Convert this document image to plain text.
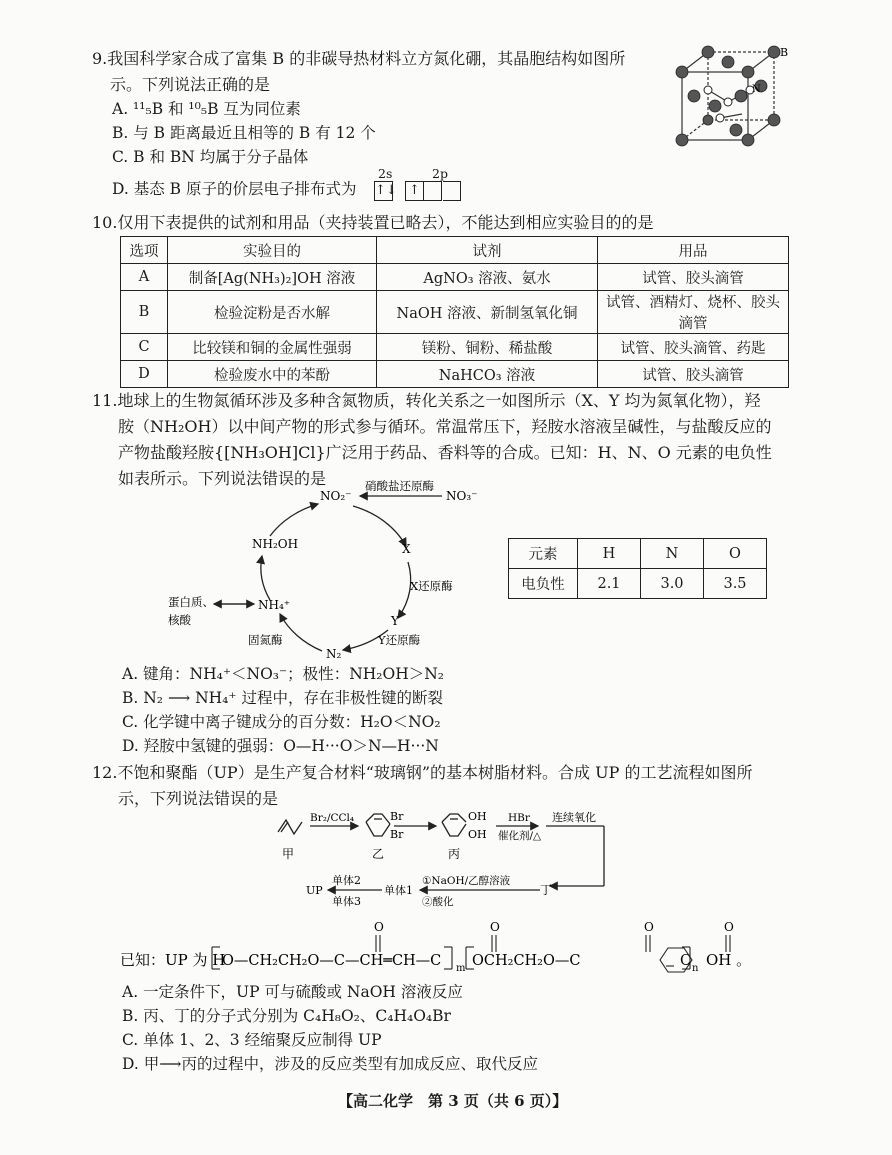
9.我国科学家合成了富集 B 的非碳导热材料立方氮化硼，其晶胞结构如图所
示。下列说法正确的是
A. ¹¹₅B 和 ¹⁰₅B 互为同位素
B. 与 B 距离最近且相等的 B 有 12 个
C. B 和 BN 均属于分子晶体
D. 基态 B 原子的价层电子排布式为
2s	2p
↑↓ ↑
B
N
10.仅用下表提供的试剂和用品（夹持装置已略去），不能达到相应实验目的的是
选项	实验目的	试剂	用品
A	制备[Ag(NH₃)₂]OH 溶液	AgNO₃ 溶液、氨水	试管、胶头滴管
B	检验淀粉是否水解	NaOH 溶液、新制氢氧化铜	试管、酒精灯、烧杯、胶头滴管
C	比较镁和铜的金属性强弱	镁粉、铜粉、稀盐酸	试管、胶头滴管、药匙
D	检验废水中的苯酚	NaHCO₃ 溶液	试管、胶头滴管
11.地球上的生物氮循环涉及多种含氮物质，转化关系之一如图所示（X、Y 均为氮氧化物），羟
胺（NH₂OH）以中间产物的形式参与循环。常温常压下，羟胺水溶液呈碱性，与盐酸反应的
产物盐酸羟胺{[NH₃OH]Cl}广泛用于药品、香料等的合成。已知：H、N、O 元素的电负性
如表所示。下列说法错误的是
NO₂⁻	NO₃⁻
硝酸盐还原酶
X
X还原酶
Y
Y还原酶
N₂
固氮酶
NH₄⁺
蛋白质、
核酸
NH₂OH
元素	H	N	O
电负性	2.1	3.0	3.5
A. 键角：NH₄⁺＜NO₃⁻；极性：NH₂OH＞N₂
B. N₂ ⟶ NH₄⁺ 过程中，存在非极性键的断裂
C. 化学键中离子键成分的百分数：H₂O＜NO₂
D. 羟胺中氢键的强弱：O—H···O＞N—H···N
12.不饱和聚酯（UP）是生产复合材料“玻璃钢”的基本树脂材料。合成 UP 的工艺流程如图所
示，下列说法错误的是
Br₂/CCl₄
甲
Br
Br
乙
OH
OH
丙
HBr
催化剂/△
连续氧化
丁
①NaOH/乙醇溶液
②酸化
单体1
单体2
单体3
UP
已知：UP 为 H
O—CH₂CH₂O—C—CH═CH—C m OCH₂CH₂O—C	C n OH 。
O	O	O	O
A. 一定条件下，UP 可与硫酸或 NaOH 溶液反应
B. 丙、丁的分子式分别为 C₄H₈O₂、C₄H₄O₄Br
C. 单体 1、2、3 经缩聚反应制得 UP
D. 甲⟶丙的过程中，涉及的反应类型有加成反应、取代反应
【高二化学　第 3 页（共 6 页）】
